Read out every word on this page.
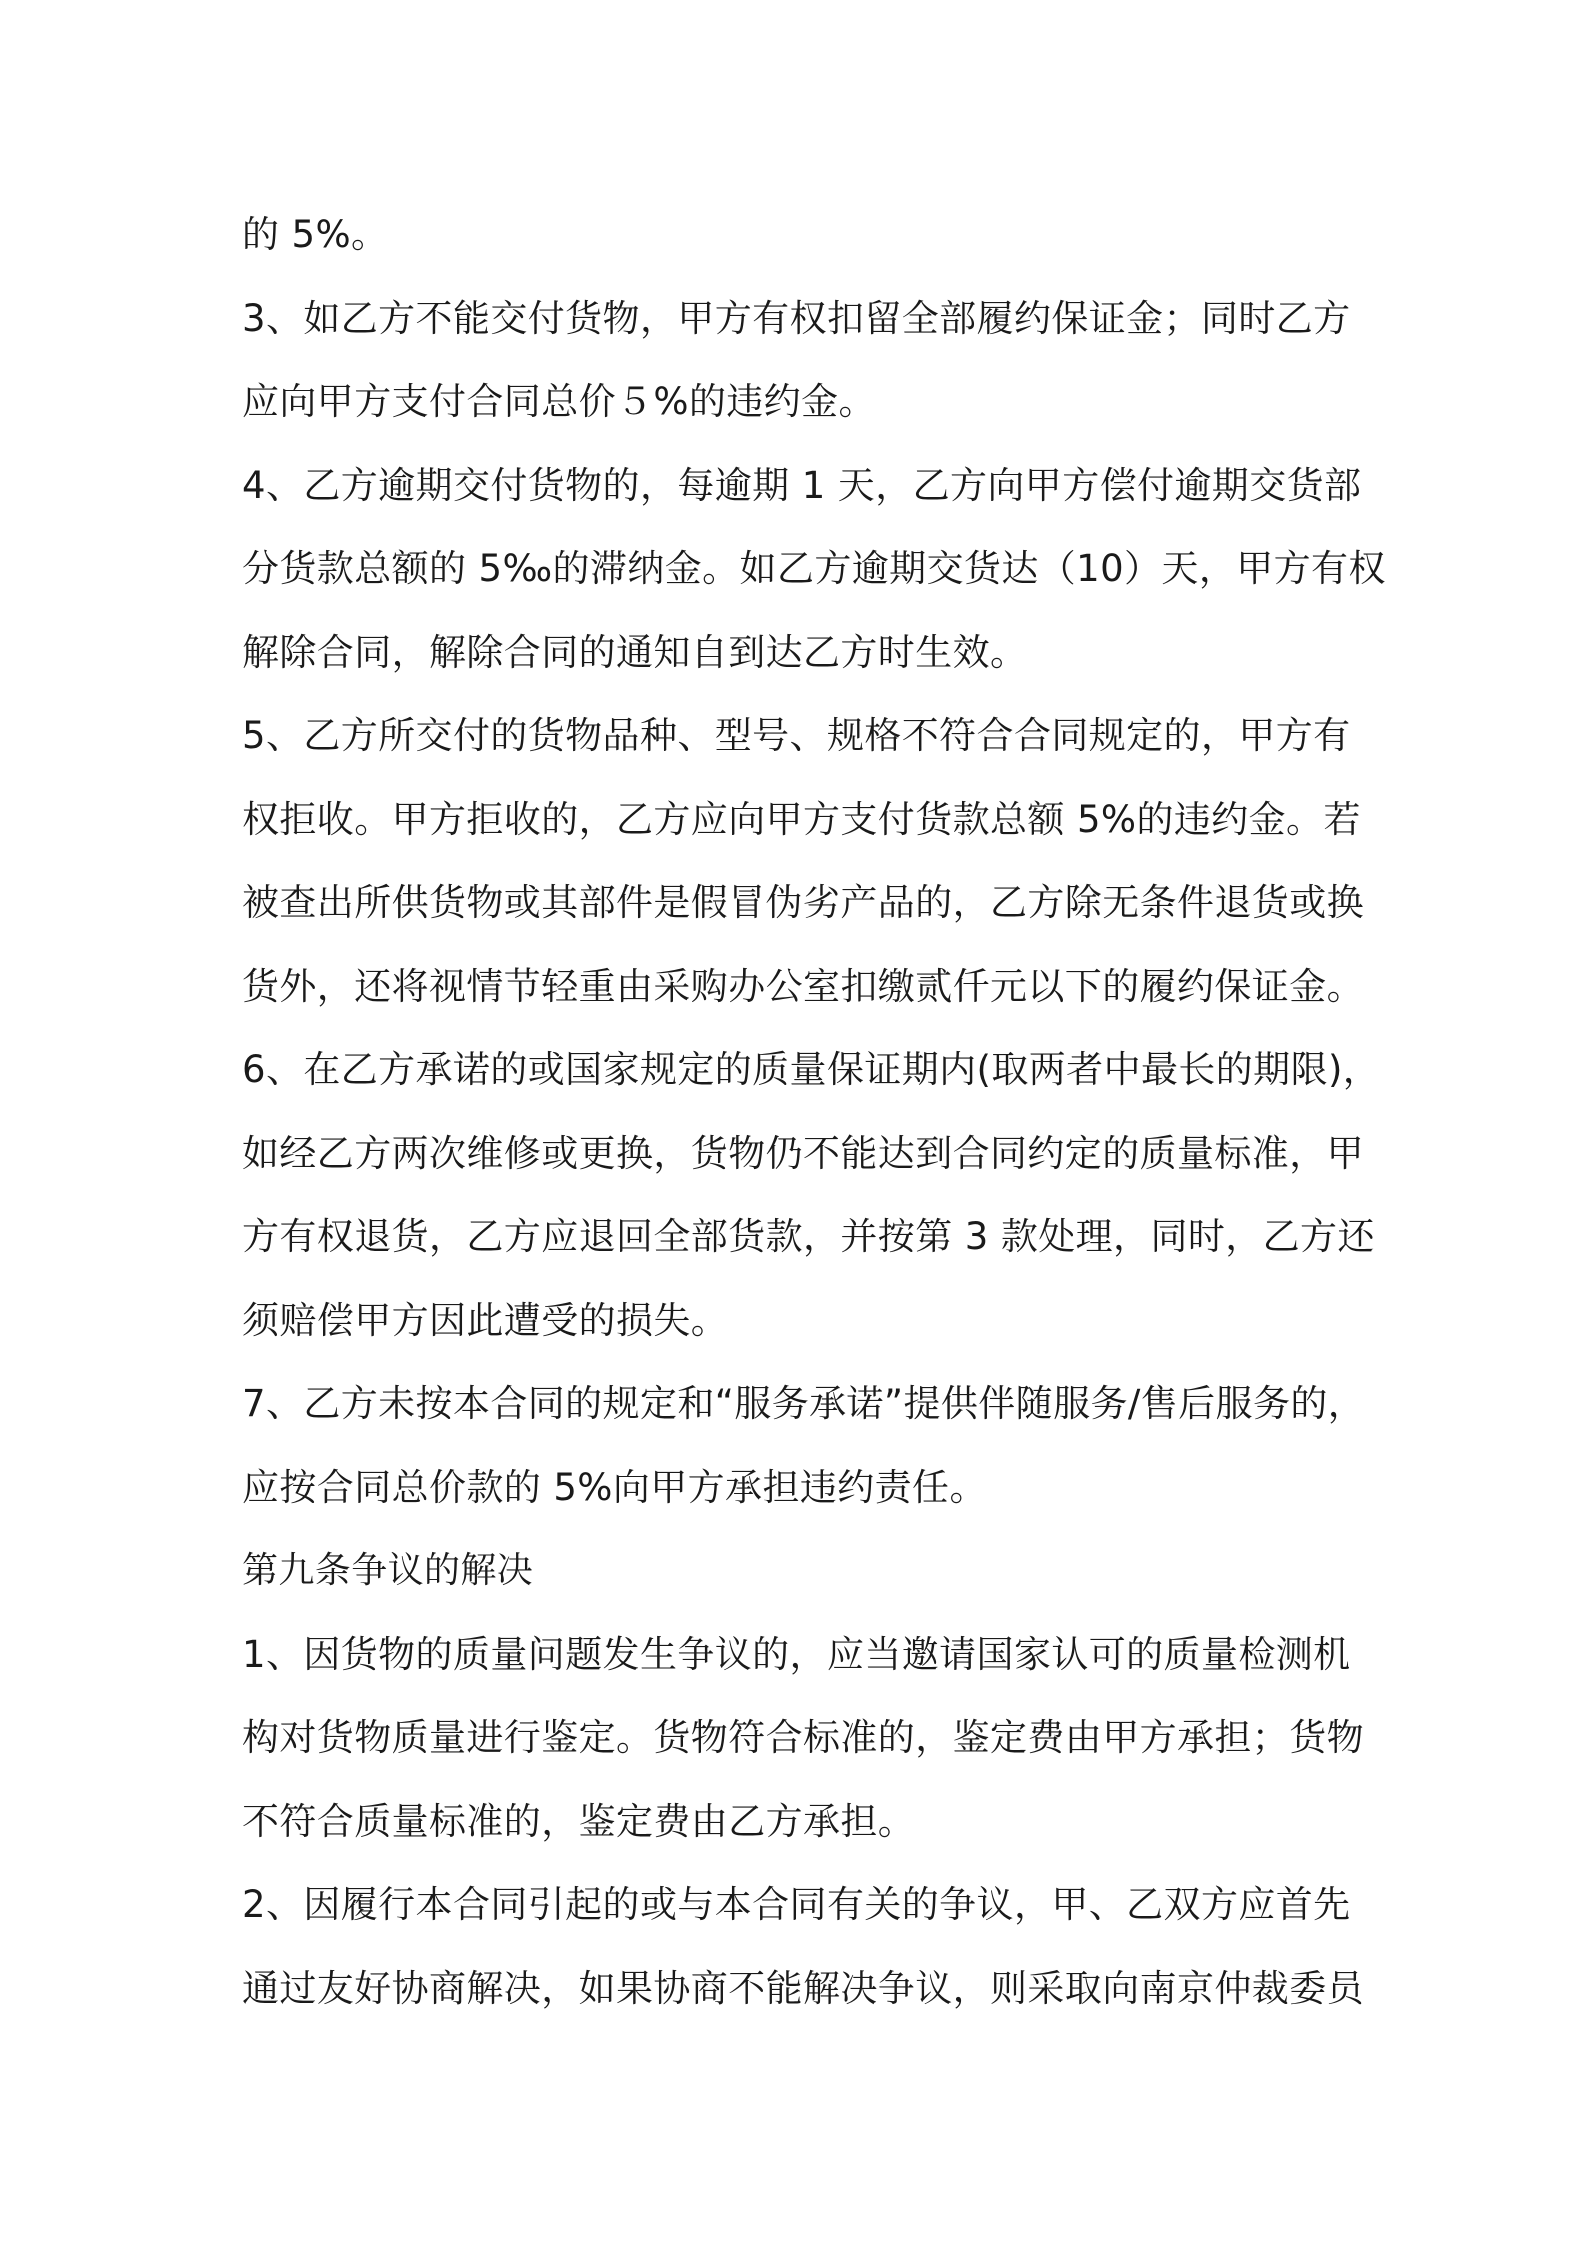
的 5%。
3、如乙方不能交付货物，甲方有权扣留全部履约保证金；同时乙方
应向甲方支付合同总价５%的违约金。
4、乙方逾期交付货物的，每逾期 1 天，乙方向甲方偿付逾期交货部
分货款总额的 5‰的滞纳金。如乙方逾期交货达（10）天，甲方有权
解除合同，解除合同的通知自到达乙方时生效。
5、乙方所交付的货物品种、型号、规格不符合合同规定的，甲方有
权拒收。甲方拒收的，乙方应向甲方支付货款总额 5%的违约金。若
被查出所供货物或其部件是假冒伪劣产品的，乙方除无条件退货或换
货外，还将视情节轻重由采购办公室扣缴贰仟元以下的履约保证金。
6、在乙方承诺的或国家规定的质量保证期内(取两者中最长的期限)，
如经乙方两次维修或更换，货物仍不能达到合同约定的质量标准，甲
方有权退货，乙方应退回全部货款，并按第 3 款处理，同时，乙方还
须赔偿甲方因此遭受的损失。
7、乙方未按本合同的规定和“服务承诺”提供伴随服务/售后服务的，
应按合同总价款的 5%向甲方承担违约责任。
第九条争议的解决
1、因货物的质量问题发生争议的，应当邀请国家认可的质量检测机
构对货物质量进行鉴定。货物符合标准的，鉴定费由甲方承担；货物
不符合质量标准的，鉴定费由乙方承担。
2、因履行本合同引起的或与本合同有关的争议，甲、乙双方应首先
通过友好协商解决，如果协商不能解决争议，则采取向南京仲裁委员
